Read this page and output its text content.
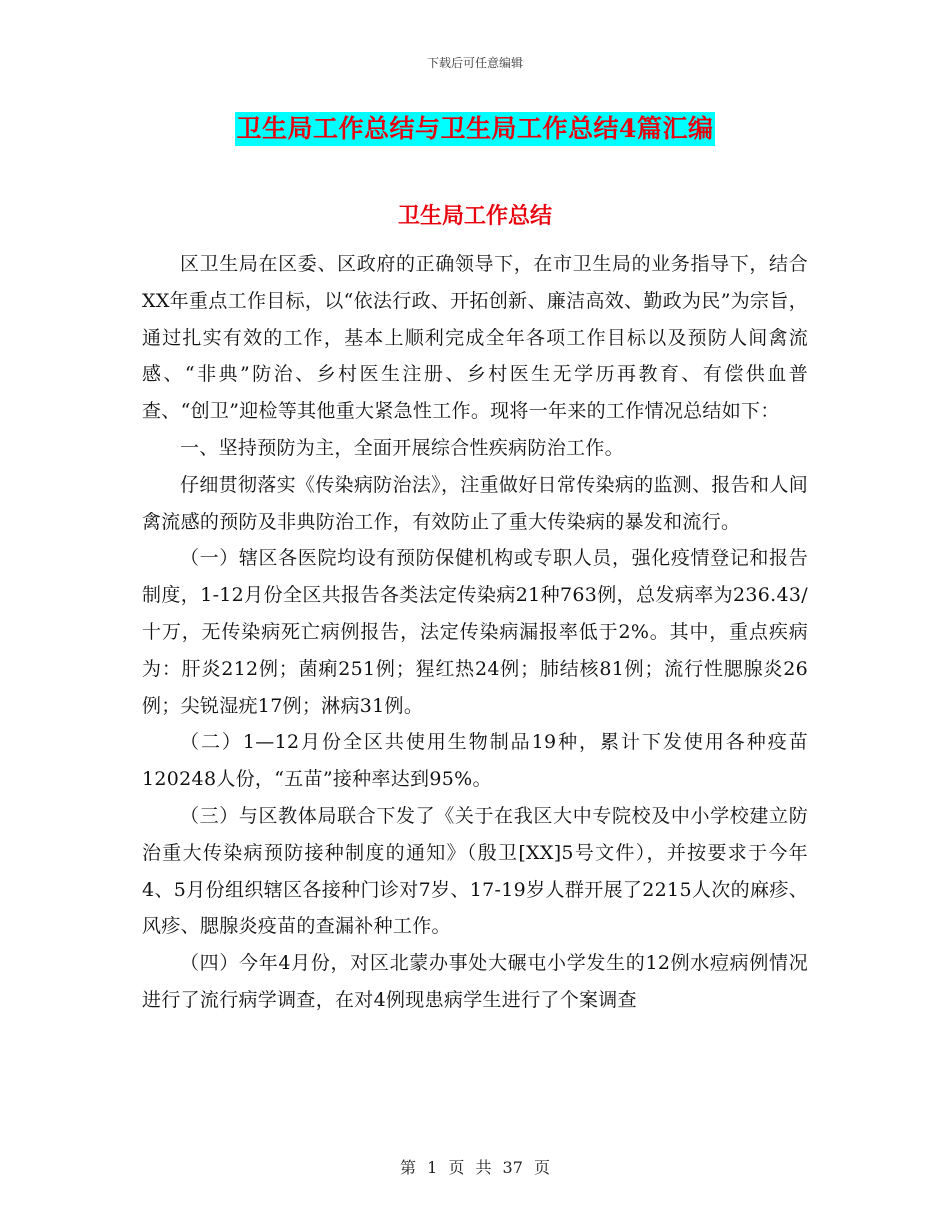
下载后可任意编辑
卫生局工作总结与卫生局工作总结4篇汇编
卫生局工作总结

区卫生局在区委、区政府的正确领导下，在市卫生局的业务指导下，结合XX年重点工作目标，以“依法行政、开拓创新、廉洁高效、勤政为民”为宗旨，通过扎实有效的工作，基本上顺利完成全年各项工作目标以及预防人间禽流感、“非典”防治、乡村医生注册、乡村医生无学历再教育、有偿供血普查、“创卫”迎检等其他重大紧急性工作。现将一年来的工作情况总结如下：

一、坚持预防为主，全面开展综合性疾病防治工作。

仔细贯彻落实《传染病防治法》，注重做好日常传染病的监测、报告和人间禽流感的预防及非典防治工作，有效防止了重大传染病的暴发和流行。

（一）辖区各医院均设有预防保健机构或专职人员，强化疫情登记和报告制度，1-12月份全区共报告各类法定传染病21种763例，总发病率为236.43/十万，无传染病死亡病例报告，法定传染病漏报率低于2%。其中，重点疾病为：肝炎212例；菌痢251例；猩红热24例；肺结核81例；流行性腮腺炎26例；尖锐湿疣17例；淋病31例。

（二）1—12月份全区共使用生物制品19种，累计下发使用各种疫苗120248人份，“五苗”接种率达到95%。

（三）与区教体局联合下发了《关于在我区大中专院校及中小学校建立防治重大传染病预防接种制度的通知》（殷卫[XX]5号文件），并按要求于今年4、5月份组织辖区各接种门诊对7岁、17-19岁人群开展了2215人次的麻疹、风疹、腮腺炎疫苗的查漏补种工作。

（四）今年4月份，对区北蒙办事处大碾屯小学发生的12例水痘病例情况进行了流行病学调查，在对4例现患病学生进行了个案调查

第 1 页 共 37 页
